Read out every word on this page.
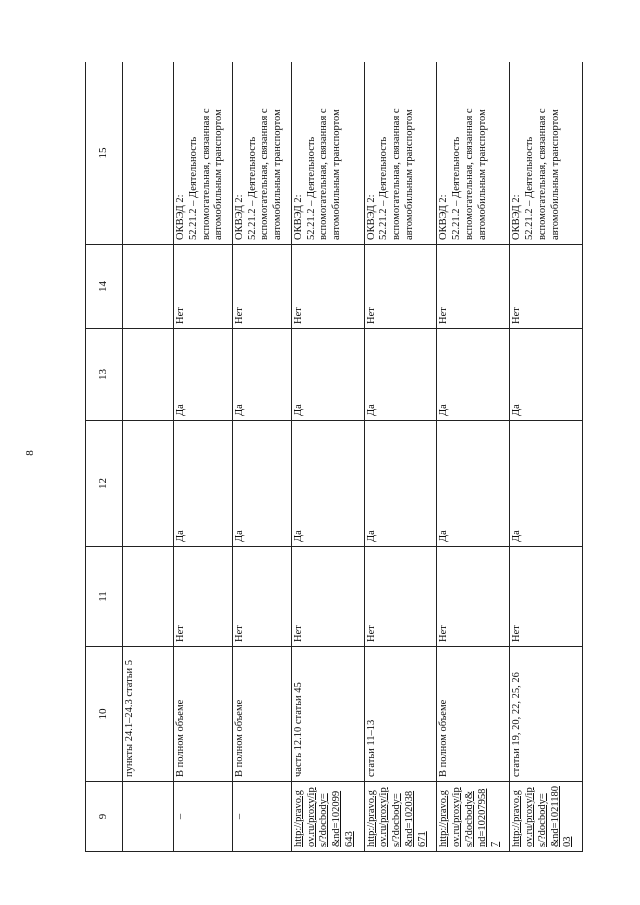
8
9	10	11	12	13	14	15
	пункты 24.1–24.3 статьи 5					
–	В полном объеме	Нет	Да	Да	Нет	ОКВЭД 2: 52.21.2 – Деятельность вспомогательная, связанная с автомобильным транспортом

–	В полном объеме	Нет	Да	Да	Нет	ОКВЭД 2: 52.21.2 – Деятельность вспомогательная, связанная с автомобильным транспортом

http://pravo.gov.ru/proxy/ips/?docbody=&nd=102099643	часть 12.10 статьи 45	Нет	Да	Да	Нет	ОКВЭД 2: 52.21.2 – Деятельность вспомогательная, связанная с автомобильным транспортом

http://pravo.gov.ru/proxy/ips/?docbody=&nd=102038671	статьи 11–13	Нет	Да	Да	Нет	ОКВЭД 2: 52.21.2 – Деятельность вспомогательная, связанная с автомобильным транспортом

http://pravo.gov.ru/proxy/ips/?docbody&nd=102079587	В полном объеме	Нет	Да	Да	Нет	ОКВЭД 2: 52.21.2 – Деятельность вспомогательная, связанная с автомобильным транспортом

http://pravo.gov.ru/proxy/ips/?docbody=&nd=102118003	статьи 19, 20, 22, 25, 26	Нет	Да	Да	Нет	ОКВЭД 2: 52.21.2 – Деятельность вспомогательная, связанная с автомобильным транспортом
